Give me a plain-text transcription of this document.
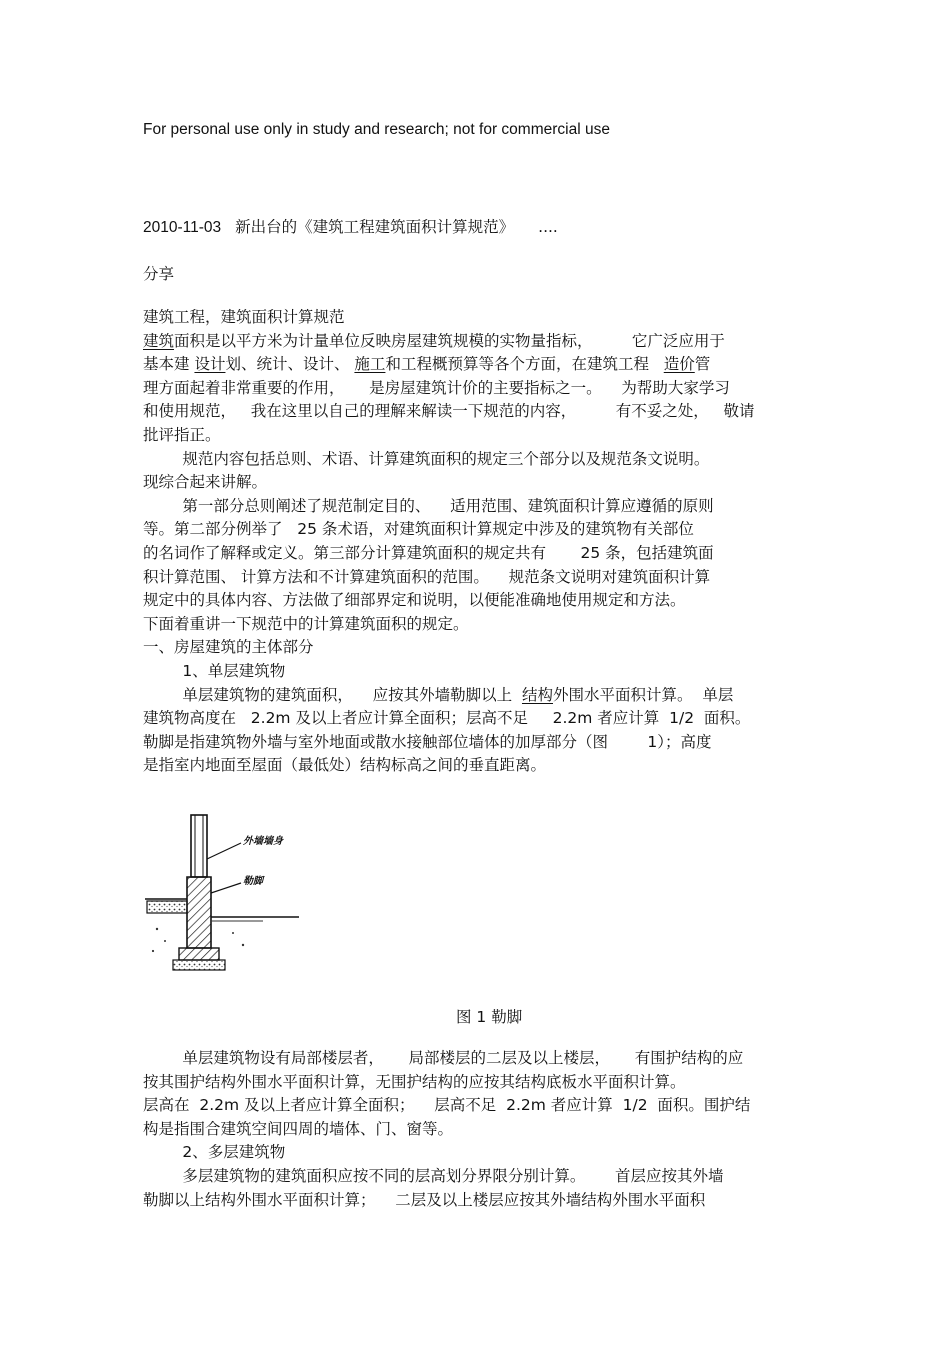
For personal use only in study and research; not for commercial use
2010-11-03 新出台的《建筑工程建筑面积计算规范》 ....
分享
建筑工程，建筑面积计算规范
建筑面积是以平方米为计量单位反映房屋建筑规模的实物量指标，        它广泛应用于
基本建 设计划、统计、设计、 施工和工程概预算等各个方面，在建筑工程   造价管
理方面起着非常重要的作用，     是房屋建筑计价的主要指标之一。    为帮助大家学习
和使用规范，   我在这里以自己的理解来解读一下规范的内容，        有不妥之处，   敬请
批评指正。
规范内容包括总则、术语、计算建筑面积的规定三个部分以及规范条文说明。
现综合起来讲解。
第一部分总则阐述了规范制定目的、    适用范围、建筑面积计算应遵循的原则
等。第二部分例举了   25 条术语，对建筑面积计算规定中涉及的建筑物有关部位
的名词作了解释或定义。第三部分计算建筑面积的规定共有       25 条，包括建筑面
积计算范围、 计算方法和不计算建筑面积的范围。    规范条文说明对建筑面积计算
规定中的具体内容、方法做了细部界定和说明，以便能准确地使用规定和方法。
下面着重讲一下规范中的计算建筑面积的规定。
一、房屋建筑的主体部分
1、单层建筑物
单层建筑物的建筑面积，    应按其外墙勒脚以上  结构外围水平面积计算。  单层
建筑物高度在   2.2m 及以上者应计算全面积；层高不足     2.2m 者应计算  1/2  面积。
勒脚是指建筑物外墙与室外地面或散水接触部位墙体的加厚部分（图        1）；高度
是指室内地面至屋面（最低处）结构标高之间的垂直距离。
外墙墙身
勒脚
图 1 勒脚
单层建筑物设有局部楼层者，     局部楼层的二层及以上楼层，     有围护结构的应
按其围护结构外围水平面积计算，无围护结构的应按其结构底板水平面积计算。
层高在  2.2m 及以上者应计算全面积；    层高不足  2.2m 者应计算  1/2  面积。围护结
构是指围合建筑空间四周的墙体、门、窗等。
2、多层建筑物
多层建筑物的建筑面积应按不同的层高划分界限分别计算。      首层应按其外墙
勒脚以上结构外围水平面积计算；    二层及以上楼层应按其外墙结构外围水平面积
